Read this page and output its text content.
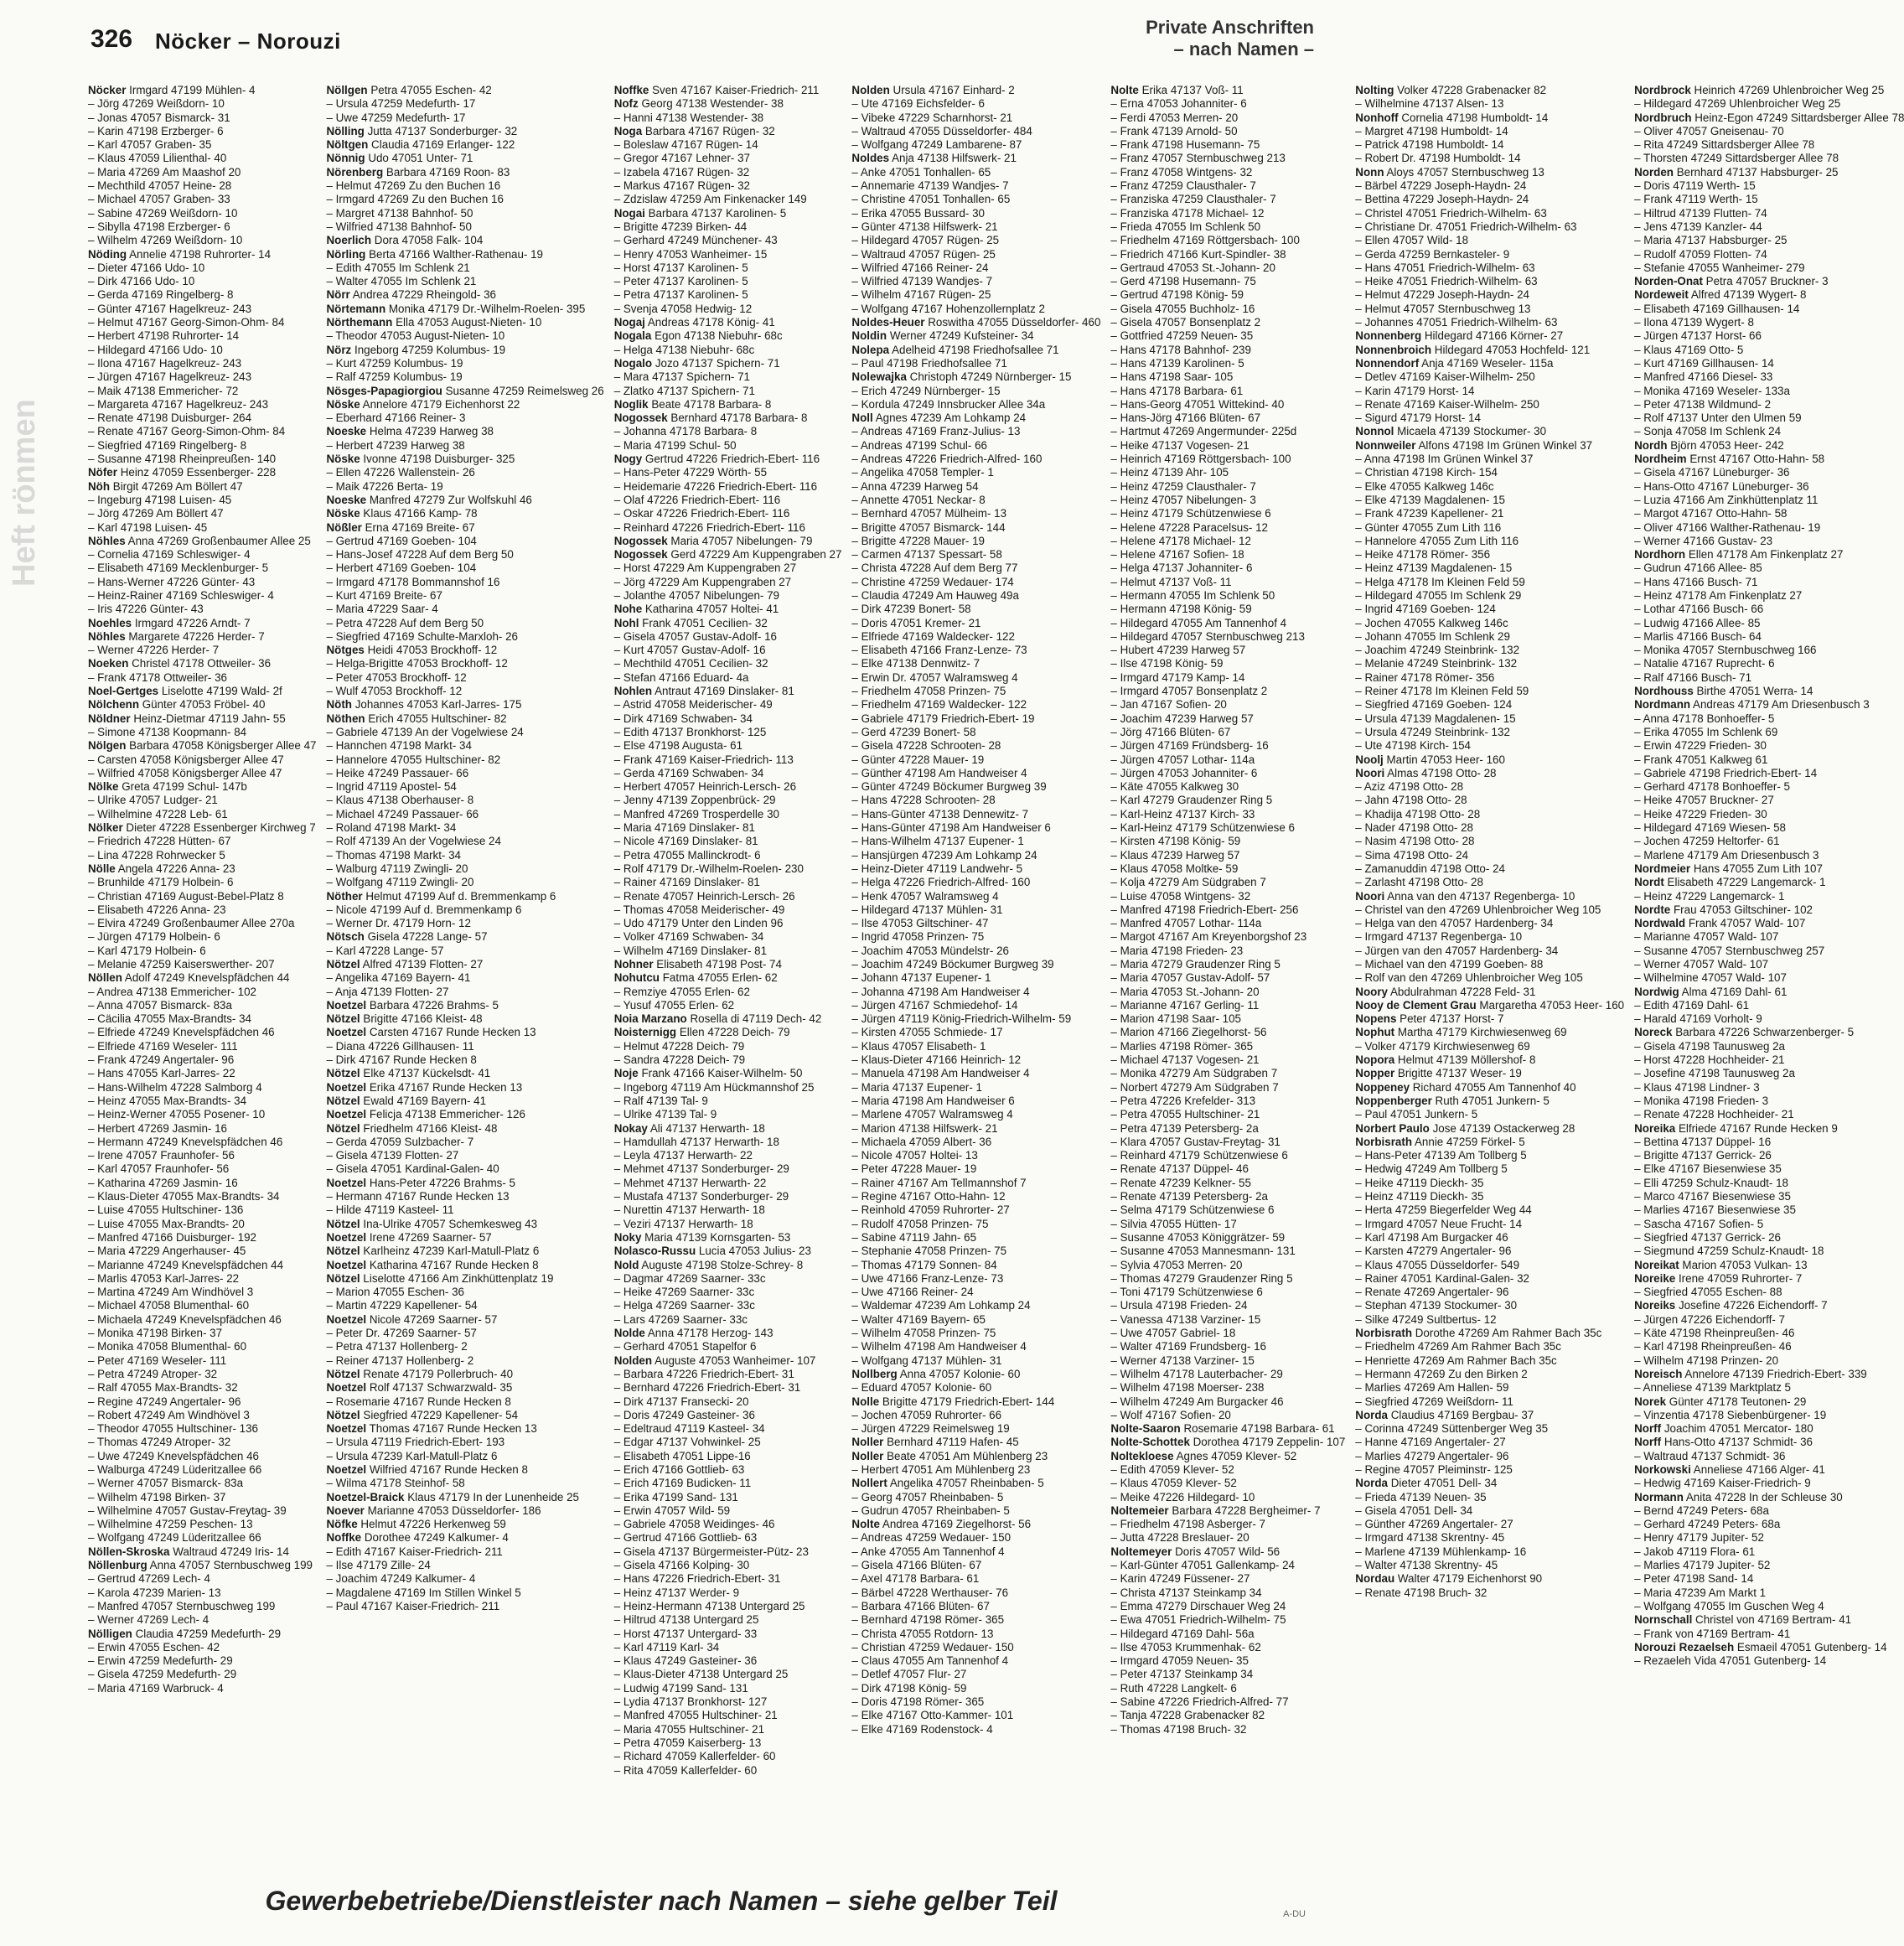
326 Nöcker – Norouzi
Private Anschriften
– nach Namen –
Heft rönmen

Nöcker Irmgard 47199 Mühlen- 4

– Jörg 47269 Weißdorn- 10

– Jonas 47057 Bismarck- 31

– Karin 47198 Erzberger- 6

– Karl 47057 Graben- 35

– Klaus 47059 Lilienthal- 40

– Maria 47269 Am Maashof 20

– Mechthild 47057 Heine- 28

– Michael 47057 Graben- 33

– Sabine 47269 Weißdorn- 10

– Sibylla 47198 Erzberger- 6

– Wilhelm 47269 Weißdorn- 10

Nöding Annelie 47198 Ruhrorter- 14

– Dieter 47166 Udo- 10

– Dirk 47166 Udo- 10

– Gerda 47169 Ringelberg- 8

– Günter 47167 Hagelkreuz- 243

– Helmut 47167 Georg-Simon-Ohm- 84

– Herbert 47198 Ruhrorter- 14

– Hildegard 47166 Udo- 10

– Ilona 47167 Hagelkreuz- 243

– Jürgen 47167 Hagelkreuz- 243

– Maik 47138 Emmericher- 72

– Margareta 47167 Hagelkreuz- 243

– Renate 47198 Duisburger- 264

– Renate 47167 Georg-Simon-Ohm- 84

– Siegfried 47169 Ringelberg- 8

– Susanne 47198 Rheinpreußen- 140

Nöfer Heinz 47059 Essenberger- 228

Nöh Birgit 47269 Am Böllert 47

– Ingeburg 47198 Luisen- 45

– Jörg 47269 Am Böllert 47

– Karl 47198 Luisen- 45

Nöhles Anna 47269 Großenbaumer Allee 25

– Cornelia 47169 Schleswiger- 4

– Elisabeth 47169 Mecklenburger- 5

– Hans-Werner 47226 Günter- 43

– Heinz-Rainer 47169 Schleswiger- 4

– Iris 47226 Günter- 43

Noehles Irmgard 47226 Arndt- 7

Nöhles Margarete 47226 Herder- 7

– Werner 47226 Herder- 7

Noeken Christel 47178 Ottweiler- 36

– Frank 47178 Ottweiler- 36

Noel-Gertges Liselotte 47199 Wald- 2f

Nölchenn Günter 47053 Fröbel- 40

Nöldner Heinz-Dietmar 47119 Jahn- 55

– Simone 47138 Koopmann- 84

Nölgen Barbara 47058 Königsberger Allee 47

– Carsten 47058 Königsberger Allee 47

– Wilfried 47058 Königsberger Allee 47

Nölke Greta 47199 Schul- 147b

– Ulrike 47057 Ludger- 21

– Wilhelmine 47228 Leb- 61

Nölker Dieter 47228 Essenberger Kirchweg 7

– Friedrich 47228 Hütten- 67

– Lina 47228 Rohrwecker 5

Nölle Angela 47226 Anna- 23

– Brunhilde 47179 Holbein- 6

– Christian 47169 August-Bebel-Platz 8

– Elisabeth 47226 Anna- 23

– Elvira 47249 Großenbaumer Allee 270a

– Jürgen 47179 Holbein- 6

– Karl 47179 Holbein- 6

– Melanie 47259 Kaiserswerther- 207

Nöllen Adolf 47249 Knevelspfädchen 44

– Andrea 47138 Emmericher- 102

– Anna 47057 Bismarck- 83a

– Cäcilia 47055 Max-Brandts- 34

– Elfriede 47249 Knevelspfädchen 46

– Elfriede 47169 Weseler- 111

– Frank 47249 Angertaler- 96

– Hans 47055 Karl-Jarres- 22

– Hans-Wilhelm 47228 Salmborg 4

– Heinz 47055 Max-Brandts- 34

– Heinz-Werner 47055 Posener- 10

– Herbert 47269 Jasmin- 16

– Hermann 47249 Knevelspfädchen 46

– Irene 47057 Fraunhofer- 56

– Karl 47057 Fraunhofer- 56

– Katharina 47269 Jasmin- 16

– Klaus-Dieter 47055 Max-Brandts- 34

– Luise 47055 Hultschiner- 136

– Luise 47055 Max-Brandts- 20

– Manfred 47166 Duisburger- 192

– Maria 47229 Angerhauser- 45

– Marianne 47249 Knevelspfädchen 44

– Marlis 47053 Karl-Jarres- 22

– Martina 47249 Am Windhövel 3

– Michael 47058 Blumenthal- 60

– Michaela 47249 Knevelspfädchen 46

– Monika 47198 Birken- 37

– Monika 47058 Blumenthal- 60

– Peter 47169 Weseler- 111

– Petra 47249 Atroper- 32

– Ralf 47055 Max-Brandts- 32

– Regine 47249 Angertaler- 96

– Robert 47249 Am Windhövel 3

– Theodor 47055 Hultschiner- 136

– Thomas 47249 Atroper- 32

– Uwe 47249 Knevelspfädchen 46

– Walburga 47249 Lüderitzallee 66

– Werner 47057 Bismarck- 83a

– Wilhelm 47198 Birken- 37

– Wilhelmine 47057 Gustav-Freytag- 39

– Wilhelmine 47259 Peschen- 13

– Wolfgang 47249 Lüderitzallee 66

Nöllen-Skroska Waltraud 47249 Iris- 14

Nöllenburg Anna 47057 Sternbuschweg 199

– Gertrud 47269 Lech- 4

– Karola 47239 Marien- 13

– Manfred 47057 Sternbuschweg 199

– Werner 47269 Lech- 4

Nölligen Claudia 47259 Medefurth- 29

– Erwin 47055 Eschen- 42

– Erwin 47259 Medefurth- 29

– Gisela 47259 Medefurth- 29

– Maria 47169 Warbruck- 4

Nöllgen Petra 47055 Eschen- 42

– Ursula 47259 Medefurth- 17

– Uwe 47259 Medefurth- 17

Nölling Jutta 47137 Sonderburger- 32

Nöltgen Claudia 47169 Erlanger- 122

Nönnig Udo 47051 Unter- 71

Nörenberg Barbara 47169 Roon- 83

– Helmut 47269 Zu den Buchen 16

– Irmgard 47269 Zu den Buchen 16

– Margret 47138 Bahnhof- 50

– Wilfried 47138 Bahnhof- 50

Noerlich Dora 47058 Falk- 104

Nörling Berta 47166 Walther-Rathenau- 19

– Edith 47055 Im Schlenk 21

– Walter 47055 Im Schlenk 21

Nörr Andrea 47229 Rheingold- 36

Nörtemann Monika 47179 Dr.-Wilhelm-Roelen- 395

Nörthemann Ella 47053 August-Nieten- 10

– Theodor 47053 August-Nieten- 10

Nörz Ingeborg 47259 Kolumbus- 19

– Kurt 47259 Kolumbus- 19

– Ralf 47259 Kolumbus- 19

Nösges-Papagiorgiou Susanne 47259 Reimelsweg 26

Nöske Annelore 47179 Eichenhorst 22

– Eberhard 47166 Reiner- 3

Noeske Helma 47239 Harweg 38

– Herbert 47239 Harweg 38

Nöske Ivonne 47198 Duisburger- 325

– Ellen 47226 Wallenstein- 26

– Maik 47226 Berta- 19

Noeske Manfred 47279 Zur Wolfskuhl 46

Nöske Klaus 47166 Kamp- 78

Nößler Erna 47169 Breite- 67

– Gertrud 47169 Goeben- 104

– Hans-Josef 47228 Auf dem Berg 50

– Herbert 47169 Goeben- 104

– Irmgard 47178 Bommannshof 16

– Kurt 47169 Breite- 67

– Maria 47229 Saar- 4

– Petra 47228 Auf dem Berg 50

– Siegfried 47169 Schulte-Marxloh- 26

Nötges Heidi 47053 Brockhoff- 12

– Helga-Brigitte 47053 Brockhoff- 12

– Peter 47053 Brockhoff- 12

– Wulf 47053 Brockhoff- 12

Nöth Johannes 47053 Karl-Jarres- 175

Nöthen Erich 47055 Hultschiner- 82

– Gabriele 47139 An der Vogelwiese 24

– Hannchen 47198 Markt- 34

– Hannelore 47055 Hultschiner- 82

– Heike 47249 Passauer- 66

– Ingrid 47119 Apostel- 54

– Klaus 47138 Oberhauser- 8

– Michael 47249 Passauer- 66

– Roland 47198 Markt- 34

– Rolf 47139 An der Vogelwiese 24

– Thomas 47198 Markt- 34

– Walburg 47119 Zwingli- 20

– Wolfgang 47119 Zwingli- 20

Nöther Helmut 47199 Auf d. Bremmenkamp 6

– Nicole 47199 Auf d. Bremmenkamp 6

– Werner Dr. 47179 Horn- 12

Nötsch Gisela 47228 Lange- 57

– Karl 47228 Lange- 57

Nötzel Alfred 47139 Flotten- 27

– Angelika 47169 Bayern- 41

– Anja 47139 Flotten- 27

Noetzel Barbara 47226 Brahms- 5

Nötzel Brigitte 47166 Kleist- 48

Noetzel Carsten 47167 Runde Hecken 13

– Diana 47226 Gillhausen- 11

– Dirk 47167 Runde Hecken 8

Nötzel Elke 47137 Kückelsdt- 41

Noetzel Erika 47167 Runde Hecken 13

Nötzel Ewald 47169 Bayern- 41

Noetzel Felicja 47138 Emmericher- 126

Nötzel Friedhelm 47166 Kleist- 48

– Gerda 47059 Sulzbacher- 7

– Gisela 47139 Flotten- 27

– Gisela 47051 Kardinal-Galen- 40

Noetzel Hans-Peter 47226 Brahms- 5

– Hermann 47167 Runde Hecken 13

– Hilde 47119 Kasteel- 11

Nötzel Ina-Ulrike 47057 Schemkesweg 43

Noetzel Irene 47269 Saarner- 57

Nötzel Karlheinz 47239 Karl-Matull-Platz 6

Noetzel Katharina 47167 Runde Hecken 8

Nötzel Liselotte 47166 Am Zinkhüttenplatz 19

– Marion 47055 Eschen- 36

– Martin 47229 Kapellener- 54

Noetzel Nicole 47269 Saarner- 57

– Peter Dr. 47269 Saarner- 57

– Petra 47137 Hollenberg- 2

– Reiner 47137 Hollenberg- 2

Nötzel Renate 47179 Pollerbruch- 40

Noetzel Rolf 47137 Schwarzwald- 35

– Rosemarie 47167 Runde Hecken 8

Nötzel Siegfried 47229 Kapellener- 54

Noetzel Thomas 47167 Runde Hecken 13

– Ursula 47119 Friedrich-Ebert- 193

– Ursula 47239 Karl-Matull-Platz 6

Noetzel Wilfried 47167 Runde Hecken 8

– Wilma 47178 Steinhof- 58

Noetzel-Braick Klaus 47179 In der Lunenheide 25

Noever Marianne 47053 Düsseldorfer- 186

Nöfke Helmut 47226 Herkenweg 59

Noffke Dorothee 47249 Kalkumer- 4

– Edith 47167 Kaiser-Friedrich- 211

– Ilse 47179 Zille- 24

– Joachim 47249 Kalkumer- 4

– Magdalene 47169 Im Stillen Winkel 5

– Paul 47167 Kaiser-Friedrich- 211

Noffke Sven 47167 Kaiser-Friedrich- 211

Nofz Georg 47138 Westender- 38

– Hanni 47138 Westender- 38

Noga Barbara 47167 Rügen- 32

– Boleslaw 47167 Rügen- 14

– Gregor 47167 Lehner- 37

– Izabela 47167 Rügen- 32

– Markus 47167 Rügen- 32

– Zdzislaw 47259 Am Finkenacker 149

Nogai Barbara 47137 Karolinen- 5

– Brigitte 47239 Birken- 44

– Gerhard 47249 Münchener- 43

– Henry 47053 Wanheimer- 15

– Horst 47137 Karolinen- 5

– Peter 47137 Karolinen- 5

– Petra 47137 Karolinen- 5

– Svenja 47058 Hedwig- 12

Nogaj Andreas 47178 König- 41

Nogala Egon 47138 Niebuhr- 68c

– Helga 47138 Niebuhr- 68c

Nogalo Jozo 47137 Spichern- 71

– Mara 47137 Spichern- 71

– Zlatko 47137 Spichern- 71

Noglik Beate 47178 Barbara- 8

Nogossek Bernhard 47178 Barbara- 8

– Johanna 47178 Barbara- 8

– Maria 47199 Schul- 50

Nogy Gertrud 47226 Friedrich-Ebert- 116

– Hans-Peter 47229 Wörth- 55

– Heidemarie 47226 Friedrich-Ebert- 116

– Olaf 47226 Friedrich-Ebert- 116

– Oskar 47226 Friedrich-Ebert- 116

– Reinhard 47226 Friedrich-Ebert- 116

Nogossek Maria 47057 Nibelungen- 79

Nogossek Gerd 47229 Am Kuppengraben 27

– Horst 47229 Am Kuppengraben 27

– Jörg 47229 Am Kuppengraben 27

– Jolanthe 47057 Nibelungen- 79

Nohe Katharina 47057 Holtei- 41

Nohl Frank 47051 Cecilien- 32

– Gisela 47057 Gustav-Adolf- 16

– Kurt 47057 Gustav-Adolf- 16

– Mechthild 47051 Cecilien- 32

– Stefan 47166 Eduard- 4a

Nohlen Antraut 47169 Dinslaker- 81

– Astrid 47058 Meiderischer- 49

– Dirk 47169 Schwaben- 34

– Edith 47137 Bronkhorst- 125

– Else 47198 Augusta- 61

– Frank 47169 Kaiser-Friedrich- 113

– Gerda 47169 Schwaben- 34

– Herbert 47057 Heinrich-Lersch- 26

– Jenny 47139 Zoppenbrück- 29

– Manfred 47269 Trosperdelle 30

– Maria 47169 Dinslaker- 81

– Nicole 47169 Dinslaker- 81

– Petra 47055 Mallinckrodt- 6

– Rolf 47179 Dr.-Wilhelm-Roelen- 230

– Rainer 47169 Dinslaker- 81

– Renate 47057 Heinrich-Lersch- 26

– Thomas 47058 Meiderischer- 49

– Udo 47179 Unter den Linden 96

– Volker 47169 Schwaben- 34

– Wilhelm 47169 Dinslaker- 81

Nohner Elisabeth 47198 Post- 74

Nohutcu Fatma 47055 Erlen- 62

– Remziye 47055 Erlen- 62

– Yusuf 47055 Erlen- 62

Noia Marzano Rosella di 47119 Dech- 42

Noisternigg Ellen 47228 Deich- 79

– Helmut 47228 Deich- 79

– Sandra 47228 Deich- 79

Noje Frank 47166 Kaiser-Wilhelm- 50

– Ingeborg 47119 Am Hückmannshof 25

– Ralf 47139 Tal- 9

– Ulrike 47139 Tal- 9

Nokay Ali 47137 Herwarth- 18

– Hamdullah 47137 Herwarth- 18

– Leyla 47137 Herwarth- 22

– Mehmet 47137 Sonderburger- 29

– Mehmet 47137 Herwarth- 22

– Mustafa 47137 Sonderburger- 29

– Nurettin 47137 Herwarth- 18

– Veziri 47137 Herwarth- 18

Noky Maria 47139 Kornsgarten- 53

Nolasco-Russu Lucia 47053 Julius- 23

Nold Auguste 47198 Stolze-Schrey- 8

– Dagmar 47269 Saarner- 33c

– Heike 47269 Saarner- 33c

– Helga 47269 Saarner- 33c

– Lars 47269 Saarner- 33c

Nolde Anna 47178 Herzog- 143

– Gerhard 47051 Stapelfor 6

Nolden Auguste 47053 Wanheimer- 107

– Barbara 47226 Friedrich-Ebert- 31

– Bernhard 47226 Friedrich-Ebert- 31

– Dirk 47137 Fransecki- 20

– Doris 47249 Gasteiner- 36

– Edeltraud 47119 Kasteel- 34

– Edgar 47137 Vohwinkel- 25

– Elisabeth 47051 Lippe-16

– Erich 47166 Gottlieb- 63

– Erich 47169 Budicken- 11

– Erika 47199 Sand- 131

– Erwin 47057 Wild- 59

– Gabriele 47058 Weidinges- 46

– Gertrud 47166 Gottlieb- 63

– Gisela 47137 Bürgermeister-Pütz- 23

– Gisela 47166 Kolping- 30

– Hans 47226 Friedrich-Ebert- 31

– Heinz 47137 Werder- 9

– Heinz-Hermann 47138 Untergard 25

– Hiltrud 47138 Untergard 25

– Horst 47137 Untergard- 33

– Karl 47119 Karl- 34

– Klaus 47249 Gasteiner- 36

– Klaus-Dieter 47138 Untergard 25

– Ludwig 47199 Sand- 131

– Lydia 47137 Bronkhorst- 127

– Manfred 47055 Hultschiner- 21

– Maria 47055 Hultschiner- 21

– Petra 47059 Kaiserberg- 13

– Richard 47059 Kallerfelder- 60

– Rita 47059 Kallerfelder- 60

Nolden Ursula 47167 Einhard- 2

– Ute 47169 Eichsfelder- 6

– Vibeke 47229 Scharnhorst- 21

– Waltraud 47055 Düsseldorfer- 484

– Wolfgang 47249 Lambarene- 87

Noldes Anja 47138 Hilfswerk- 21

– Anke 47051 Tonhallen- 65

– Annemarie 47139 Wandjes- 7

– Christine 47051 Tonhallen- 65

– Erika 47055 Bussard- 30

– Günter 47138 Hilfswerk- 21

– Hildegard 47057 Rügen- 25

– Waltraud 47057 Rügen- 25

– Wilfried 47166 Reiner- 24

– Wilfried 47139 Wandjes- 7

– Wilhelm 47167 Rügen- 25

– Wolfgang 47167 Hohenzollernplatz 2

Noldes-Heuer Roswitha 47055 Düsseldorfer- 460

Noldin Werner 47249 Kufsteiner- 34

Nolepa Adelheid 47198 Friedhofsallee 71

– Paul 47198 Friedhofsallee 71

Nolewajka Christoph 47249 Nürnberger- 15

– Erich 47249 Nürnberger- 15

– Kordula 47249 Innsbrucker Allee 34a

Noll Agnes 47239 Am Lohkamp 24

– Andreas 47169 Franz-Julius- 13

– Andreas 47199 Schul- 66

– Andreas 47226 Friedrich-Alfred- 160

– Angelika 47058 Templer- 1

– Anna 47239 Harweg 54

– Annette 47051 Neckar- 8

– Bernhard 47057 Mülheim- 13

– Brigitte 47057 Bismarck- 144

– Brigitte 47228 Mauer- 19

– Carmen 47137 Spessart- 58

– Christa 47228 Auf dem Berg 77

– Christine 47259 Wedauer- 174

– Claudia 47249 Am Hauweg 49a

– Dirk 47239 Bonert- 58

– Doris 47051 Kremer- 21

– Elfriede 47169 Waldecker- 122

– Elisabeth 47166 Franz-Lenze- 73

– Elke 47138 Dennwitz- 7

– Erwin Dr. 47057 Walramsweg 4

– Friedhelm 47058 Prinzen- 75

– Friedhelm 47169 Waldecker- 122

– Gabriele 47179 Friedrich-Ebert- 19

– Gerd 47239 Bonert- 58

– Gisela 47228 Schrooten- 28

– Günter 47228 Mauer- 19

– Günther 47198 Am Handweiser 4

– Günter 47249 Böckumer Burgweg 39

– Hans 47228 Schrooten- 28

– Hans-Günter 47138 Dennewitz- 7

– Hans-Günter 47198 Am Handweiser 6

– Hans-Wilhelm 47137 Eupener- 1

– Hansjürgen 47239 Am Lohkamp 24

– Heinz-Dieter 47119 Landwehr- 5

– Helga 47226 Friedrich-Alfred- 160

– Henk 47057 Walramsweg 4

– Hildegard 47137 Mühlen- 31

– Ilse 47053 Giltschiner- 47

– Ingrid 47058 Prinzen- 75

– Joachim 47053 Mündelstr- 26

– Joachim 47249 Böckumer Burgweg 39

– Johann 47137 Eupener- 1

– Johanna 47198 Am Handweiser 4

– Jürgen 47167 Schmiedehof- 14

– Jürgen 47119 König-Friedrich-Wilhelm- 59

– Kirsten 47055 Schmiede- 17

– Klaus 47057 Elisabeth- 1

– Klaus-Dieter 47166 Heinrich- 12

– Manuela 47198 Am Handweiser 4

– Maria 47137 Eupener- 1

– Maria 47198 Am Handweiser 6

– Marlene 47057 Walramsweg 4

– Marion 47138 Hilfswerk- 21

– Michaela 47059 Albert- 36

– Nicole 47057 Holtei- 13

– Peter 47228 Mauer- 19

– Rainer 47167 Am Tellmannshof 7

– Regine 47167 Otto-Hahn- 12

– Reinhold 47059 Ruhrorter- 27

– Rudolf 47058 Prinzen- 75

– Sabine 47119 Jahn- 65

– Stephanie 47058 Prinzen- 75

– Thomas 47179 Sonnen- 84

– Uwe 47166 Franz-Lenze- 73

– Uwe 47166 Reiner- 24

– Waldemar 47239 Am Lohkamp 24

– Walter 47169 Bayern- 65

– Wilhelm 47058 Prinzen- 75

– Wilhelm 47198 Am Handweiser 4

– Wolfgang 47137 Mühlen- 31

Nollberg Anna 47057 Kolonie- 60

– Eduard 47057 Kolonie- 60

Nolle Brigitte 47179 Friedrich-Ebert- 144

– Jochen 47059 Ruhrorter- 66

– Jürgen 47229 Reimelsweg 19

Noller Bernhard 47119 Hafen- 45

Noller Beate 47051 Am Mühlenberg 23

– Herbert 47051 Am Mühlenberg 23

Nollert Angelika 47057 Rheinbaben- 5

– Georg 47057 Rheinbaben- 5

– Gudrun 47057 Rheinbaben- 5

Nolte Andrea 47169 Ziegelhorst- 56

– Andreas 47259 Wedauer- 150

– Anke 47055 Am Tannenhof 4

– Gisela 47166 Blüten- 67

– Axel 47178 Barbara- 61

– Bärbel 47228 Werthauser- 76

– Barbara 47166 Blüten- 67

– Bernhard 47198 Römer- 365

– Christa 47055 Rotdorn- 13

– Christian 47259 Wedauer- 150

– Claus 47055 Am Tannenhof 4

– Detlef 47057 Flur- 27

– Dirk 47198 König- 59

– Doris 47198 Römer- 365

– Elke 47167 Otto-Kammer- 101

– Elke 47169 Rodenstock- 4

Nolte Erika 47137 Voß- 11

– Erna 47053 Johanniter- 6

– Ferdi 47053 Merren- 20

– Frank 47139 Arnold- 50

– Frank 47198 Husemann- 75

– Franz 47057 Sternbuschweg 213

– Franz 47058 Wintgens- 32

– Franz 47259 Clausthaler- 7

– Franziska 47259 Clausthaler- 7

– Franziska 47178 Michael- 12

– Frieda 47055 Im Schlenk 50

– Friedhelm 47169 Röttgersbach- 100

– Friedrich 47166 Kurt-Spindler- 38

– Gertraud 47053 St.-Johann- 20

– Gerd 47198 Husemann- 75

– Gertrud 47198 König- 59

– Gisela 47055 Buchholz- 16

– Gisela 47057 Bonsenplatz 2

– Gottfried 47259 Neuen- 35

– Hans 47178 Bahnhof- 239

– Hans 47139 Karolinen- 5

– Hans 47198 Saar- 105

– Hans 47178 Barbara- 61

– Hans-Georg 47051 Wittekind- 40

– Hans-Jörg 47166 Blüten- 67

– Hartmut 47269 Angermunder- 225d

– Heike 47137 Vogesen- 21

– Heinrich 47169 Röttgersbach- 100

– Heinz 47139 Ahr- 105

– Heinz 47259 Clausthaler- 7

– Heinz 47057 Nibelungen- 3

– Heinz 47179 Schützenwiese 6

– Helene 47228 Paracelsus- 12

– Helene 47178 Michael- 12

– Helene 47167 Sofien- 18

– Helga 47137 Johanniter- 6

– Helmut 47137 Voß- 11

– Hermann 47055 Im Schlenk 50

– Hermann 47198 König- 59

– Hildegard 47055 Am Tannenhof 4

– Hildegard 47057 Sternbuschweg 213

– Hubert 47239 Harweg 57

– Ilse 47198 König- 59

– Irmgard 47179 Kamp- 14

– Irmgard 47057 Bonsenplatz 2

– Jan 47167 Sofien- 20

– Joachim 47239 Harweg 57

– Jörg 47166 Blüten- 67

– Jürgen 47169 Fründsberg- 16

– Jürgen 47057 Lothar- 114a

– Jürgen 47053 Johanniter- 6

– Käte 47055 Kalkweg 30

– Karl 47279 Graudenzer Ring 5

– Karl-Heinz 47137 Kirch- 33

– Karl-Heinz 47179 Schützenwiese 6

– Kirsten 47198 König- 59

– Klaus 47239 Harweg 57

– Klaus 47058 Moltke- 59

– Kolja 47279 Am Südgraben 7

– Luise 47058 Wintgens- 32

– Manfred 47198 Friedrich-Ebert- 256

– Manfred 47057 Lothar- 114a

– Margot 47167 Am Kreyenborgshof 23

– Maria 47198 Frieden- 23

– Maria 47279 Graudenzer Ring 5

– Maria 47057 Gustav-Adolf- 57

– Maria 47053 St.-Johann- 20

– Marianne 47167 Gerling- 11

– Marion 47198 Saar- 105

– Marion 47166 Ziegelhorst- 56

– Marlies 47198 Römer- 365

– Michael 47137 Vogesen- 21

– Monika 47279 Am Südgraben 7

– Norbert 47279 Am Südgraben 7

– Petra 47226 Krefelder- 313

– Petra 47055 Hultschiner- 21

– Petra 47139 Petersberg- 2a

– Klara 47057 Gustav-Freytag- 31

– Reinhard 47179 Schützenwiese 6

– Renate 47137 Düppel- 46

– Renate 47239 Kelkner- 55

– Renate 47139 Petersberg- 2a

– Selma 47179 Schützenwiese 6

– Silvia 47055 Hütten- 17

– Susanne 47053 Königgrätzer- 59

– Susanne 47053 Mannesmann- 131

– Sylvia 47053 Merren- 20

– Thomas 47279 Graudenzer Ring 5

– Toni 47179 Schützenwiese 6

– Ursula 47198 Frieden- 24

– Vanessa 47138 Varziner- 15

– Uwe 47057 Gabriel- 18

– Walter 47169 Frundsberg- 16

– Werner 47138 Varziner- 15

– Wilhelm 47178 Lauterbacher- 29

– Wilhelm 47198 Moerser- 238

– Wilhelm 47249 Am Burgacker 46

– Wolf 47167 Sofien- 20

Nolte-Saaron Rosemarie 47198 Barbara- 61

Nolte-Schottek Dorothea 47179 Zeppelin- 107

Noltekloese Agnes 47059 Klever- 52

– Edith 47059 Klever- 52

– Klaus 47059 Klever- 52

– Meike 47226 Hildegard- 10

Noltemeier Barbara 47228 Bergheimer- 7

– Friedhelm 47198 Asberger- 7

– Jutta 47228 Breslauer- 20

Noltemeyer Doris 47057 Wild- 56

– Karl-Günter 47051 Gallenkamp- 24

– Karin 47249 Füssener- 27

– Christa 47137 Steinkamp 34

– Emma 47279 Dirschauer Weg 24

– Ewa 47051 Friedrich-Wilhelm- 75

– Hildegard 47169 Dahl- 56a

– Ilse 47053 Krummenhak- 62

– Irmgard 47059 Neuen- 35

– Peter 47137 Steinkamp 34

– Ruth 47228 Langkelt- 6

– Sabine 47226 Friedrich-Alfred- 77

– Tanja 47228 Grabenacker 82

– Thomas 47198 Bruch- 32

Nolting Volker 47228 Grabenacker 82

– Wilhelmine 47137 Alsen- 13

Nonhoff Cornelia 47198 Humboldt- 14

– Margret 47198 Humboldt- 14

– Patrick 47198 Humboldt- 14

– Robert Dr. 47198 Humboldt- 14

Nonn Aloys 47057 Sternbuschweg 13

– Bärbel 47229 Joseph-Haydn- 24

– Bettina 47229 Joseph-Haydn- 24

– Christel 47051 Friedrich-Wilhelm- 63

– Christiane Dr. 47051 Friedrich-Wilhelm- 63

– Ellen 47057 Wild- 18

– Gerda 47259 Bernkasteler- 9

– Hans 47051 Friedrich-Wilhelm- 63

– Heike 47051 Friedrich-Wilhelm- 63

– Helmut 47229 Joseph-Haydn- 24

– Helmut 47057 Sternbuschweg 13

– Johannes 47051 Friedrich-Wilhelm- 63

Nonnenberg Hildegard 47166 Körner- 27

Nonnenbroich Hildegard 47053 Hochfeld- 121

Nonnendorf Anja 47169 Weseler- 115a

– Detlev 47169 Kaiser-Wilhelm- 250

– Karin 47179 Horst- 14

– Renate 47169 Kaiser-Wilhelm- 250

– Sigurd 47179 Horst- 14

Nonnol Micaela 47139 Stockumer- 30

Nonnweiler Alfons 47198 Im Grünen Winkel 37

– Anna 47198 Im Grünen Winkel 37

– Christian 47198 Kirch- 154

– Elke 47055 Kalkweg 146c

– Elke 47139 Magdalenen- 15

– Frank 47239 Kapellener- 21

– Günter 47055 Zum Lith 116

– Hannelore 47055 Zum Lith 116

– Heike 47178 Römer- 356

– Heinz 47139 Magdalenen- 15

– Helga 47178 Im Kleinen Feld 59

– Hildegard 47055 Im Schlenk 29

– Ingrid 47169 Goeben- 124

– Jochen 47055 Kalkweg 146c

– Johann 47055 Im Schlenk 29

– Joachim 47249 Steinbrink- 132

– Melanie 47249 Steinbrink- 132

– Rainer 47178 Römer- 356

– Reiner 47178 Im Kleinen Feld 59

– Siegfried 47169 Goeben- 124

– Ursula 47139 Magdalenen- 15

– Ursula 47249 Steinbrink- 132

– Ute 47198 Kirch- 154

Noolj Martin 47053 Heer- 160

Noori Almas 47198 Otto- 28

– Aziz 47198 Otto- 28

– Jahn 47198 Otto- 28

– Khadija 47198 Otto- 28

– Nader 47198 Otto- 28

– Nasim 47198 Otto- 28

– Sima 47198 Otto- 24

– Zamanuddin 47198 Otto- 24

– Zarlasht 47198 Otto- 28

Noori Anna van den 47137 Regenberga- 10

– Christel van den 47269 Uhlenbroicher Weg 105

– Helga van den 47057 Hardenberg- 34

– Irmgard 47137 Regenberga- 10

– Jürgen van den 47057 Hardenberg- 34

– Michael van den 47199 Goeben- 88

– Rolf van den 47269 Uhlenbroicher Weg 105

Noory Abdulrahman 47228 Feld- 31

Nooy de Clement Grau Margaretha 47053 Heer- 160

Nopens Peter 47137 Horst- 7

Nophut Martha 47179 Kirchwiesenweg 69

– Volker 47179 Kirchwiesenweg 69

Nopora Helmut 47139 Möllershof- 8

Nopper Brigitte 47137 Weser- 19

Noppeney Richard 47055 Am Tannenhof 40

Noppenberger Ruth 47051 Junkern- 5

– Paul 47051 Junkern- 5

Norbert Paulo Jose 47139 Ostackerweg 28

Norbisrath Annie 47259 Förkel- 5

– Hans-Peter 47139 Am Tollberg 5

– Hedwig 47249 Am Tollberg 5

– Heike 47119 Dieckh- 35

– Heinz 47119 Dieckh- 35

– Herta 47259 Biegerfelder Weg 44

– Irmgard 47057 Neue Frucht- 14

– Karl 47198 Am Burgacker 46

– Karsten 47279 Angertaler- 96

– Klaus 47055 Düsseldorfer- 549

– Rainer 47051 Kardinal-Galen- 32

– Renate 47269 Angertaler- 96

– Stephan 47139 Stockumer- 30

– Silke 47249 Sultbertus- 12

Norbisrath Dorothe 47269 Am Rahmer Bach 35c

– Friedhelm 47269 Am Rahmer Bach 35c

– Henriette 47269 Am Rahmer Bach 35c

– Hermann 47269 Zu den Birken 2

– Marlies 47269 Am Hallen- 59

– Siegfried 47269 Weißdorn- 11

Norda Claudius 47169 Bergbau- 37

– Corinna 47249 Süttenberger Weg 35

– Hanne 47169 Angertaler- 27

– Marlies 47279 Angertaler- 96

– Regine 47057 Pleiminstr- 125

Norda Dieter 47051 Dell- 34

– Frieda 47139 Neuen- 35

– Gisela 47051 Dell- 34

– Günther 47269 Angertaler- 27

– Irmgard 47138 Skrentny- 45

– Marlene 47139 Mühlenkamp- 16

– Walter 47138 Skrentny- 45

Nordau Walter 47179 Eichenhorst 90

– Renate 47198 Bruch- 32

Nordbrock Heinrich 47269 Uhlenbroicher Weg 25

– Hildegard 47269 Uhlenbroicher Weg 25

Nordbruch Heinz-Egon 47249 Sittardsberger Allee 78

– Oliver 47057 Gneisenau- 70

– Rita 47249 Sittardsberger Allee 78

– Thorsten 47249 Sittardsberger Allee 78

Norden Bernhard 47137 Habsburger- 25

– Doris 47119 Werth- 15

– Frank 47119 Werth- 15

– Hiltrud 47139 Flutten- 74

– Jens 47139 Kanzler- 44

– Maria 47137 Habsburger- 25

– Rudolf 47059 Flotten- 74

– Stefanie 47055 Wanheimer- 279

Norden-Onat Petra 47057 Bruckner- 3

Nordeweit Alfred 47139 Wygert- 8

– Elisabeth 47169 Gillhausen- 14

– Ilona 47139 Wygert- 8

– Jürgen 47137 Horst- 66

– Klaus 47169 Otto- 5

– Kurt 47169 Gillhausen- 14

– Manfred 47166 Diesel- 33

– Monika 47169 Weseler- 133a

– Peter 47138 Wildmund- 2

– Rolf 47137 Unter den Ulmen 59

– Sonja 47058 Im Schlenk 24

Nordh Björn 47053 Heer- 242

Nordheim Ernst 47167 Otto-Hahn- 58

– Gisela 47167 Lüneburger- 36

– Hans-Otto 47167 Lüneburger- 36

– Luzia 47166 Am Zinkhüttenplatz 11

– Margot 47167 Otto-Hahn- 58

– Oliver 47166 Walther-Rathenau- 19

– Werner 47166 Gustav- 23

Nordhorn Ellen 47178 Am Finkenplatz 27

– Gudrun 47166 Allee- 85

– Hans 47166 Busch- 71

– Heinz 47178 Am Finkenplatz 27

– Lothar 47166 Busch- 66

– Ludwig 47166 Allee- 85

– Marlis 47166 Busch- 64

– Monika 47057 Sternbuschweg 166

– Natalie 47167 Ruprecht- 6

– Ralf 47166 Busch- 71

Nordhouss Birthe 47051 Werra- 14

Nordmann Andreas 47179 Am Driesenbusch 3

– Anna 47178 Bonhoeffer- 5

– Erika 47055 Im Schlenk 69

– Erwin 47229 Frieden- 30

– Frank 47051 Kalkweg 61

– Gabriele 47198 Friedrich-Ebert- 14

– Gerhard 47178 Bonhoeffer- 5

– Heike 47057 Bruckner- 27

– Heike 47229 Frieden- 30

– Hildegard 47169 Wiesen- 58

– Jochen 47259 Heltorfer- 61

– Marlene 47179 Am Driesenbusch 3

Nordmeier Hans 47055 Zum Lith 107

Nordt Elisabeth 47229 Langemarck- 1

– Heinz 47229 Langemarck- 1

Nordte Frau 47053 Giltschiner- 102

Nordwald Frank 47057 Wald- 107

– Marianne 47057 Wald- 107

– Susanne 47057 Sternbuschweg 257

– Werner 47057 Wald- 107

– Wilhelmine 47057 Wald- 107

Nordwig Alma 47169 Dahl- 61

– Edith 47169 Dahl- 61

– Harald 47169 Vorholt- 9

Noreck Barbara 47226 Schwarzenberger- 5

– Gisela 47198 Taunusweg 2a

– Horst 47228 Hochheider- 21

– Josefine 47198 Taunusweg 2a

– Klaus 47198 Lindner- 3

– Monika 47198 Frieden- 3

– Renate 47228 Hochheider- 21

Noreika Elfriede 47167 Runde Hecken 9

– Bettina 47137 Düppel- 16

– Brigitte 47137 Gerrick- 26

– Elke 47167 Biesenwiese 35

– Elli 47259 Schulz-Knaudt- 18

– Marco 47167 Biesenwiese 35

– Marlies 47167 Biesenwiese 35

– Sascha 47167 Sofien- 5

– Siegfried 47137 Gerrick- 26

– Siegmund 47259 Schulz-Knaudt- 18

Noreikat Marion 47053 Vulkan- 13

Noreike Irene 47059 Ruhrorter- 7

– Siegfried 47055 Eschen- 88

Noreiks Josefine 47226 Eichendorff- 7

– Jürgen 47226 Eichendorff- 7

– Käte 47198 Rheinpreußen- 46

– Karl 47198 Rheinpreußen- 46

– Wilhelm 47198 Prinzen- 20

Noreisch Annelore 47139 Friedrich-Ebert- 339

– Anneliese 47139 Marktplatz 5

Norek Günter 47178 Teutonen- 29

– Vinzentia 47178 Siebenbürgener- 19

Norff Joachim 47051 Mercator- 180

Norff Hans-Otto 47137 Schmidt- 36

– Waltraud 47137 Schmidt- 36

Norkowski Anneliese 47166 Alger- 41

– Hedwig 47169 Kaiser-Friedrich- 9

Normann Anita 47228 In der Schleuse 30

– Bernd 47249 Peters- 68a

– Gerhard 47249 Peters- 68a

– Henry 47179 Jupiter- 52

– Jakob 47119 Flora- 61

– Marlies 47179 Jupiter- 52

– Peter 47198 Sand- 14

– Maria 47239 Am Markt 1

– Wolfgang 47055 Im Guschen Weg 4

Nornschall Christel von 47169 Bertram- 41

– Frank von 47169 Bertram- 41

Norouzi Rezaelseh Esmaeil 47051 Gutenberg- 14

– Rezaeleh Vida 47051 Gutenberg- 14

Gewerbebetriebe/Dienstleister nach Namen – siehe gelber Teil	A-DU
